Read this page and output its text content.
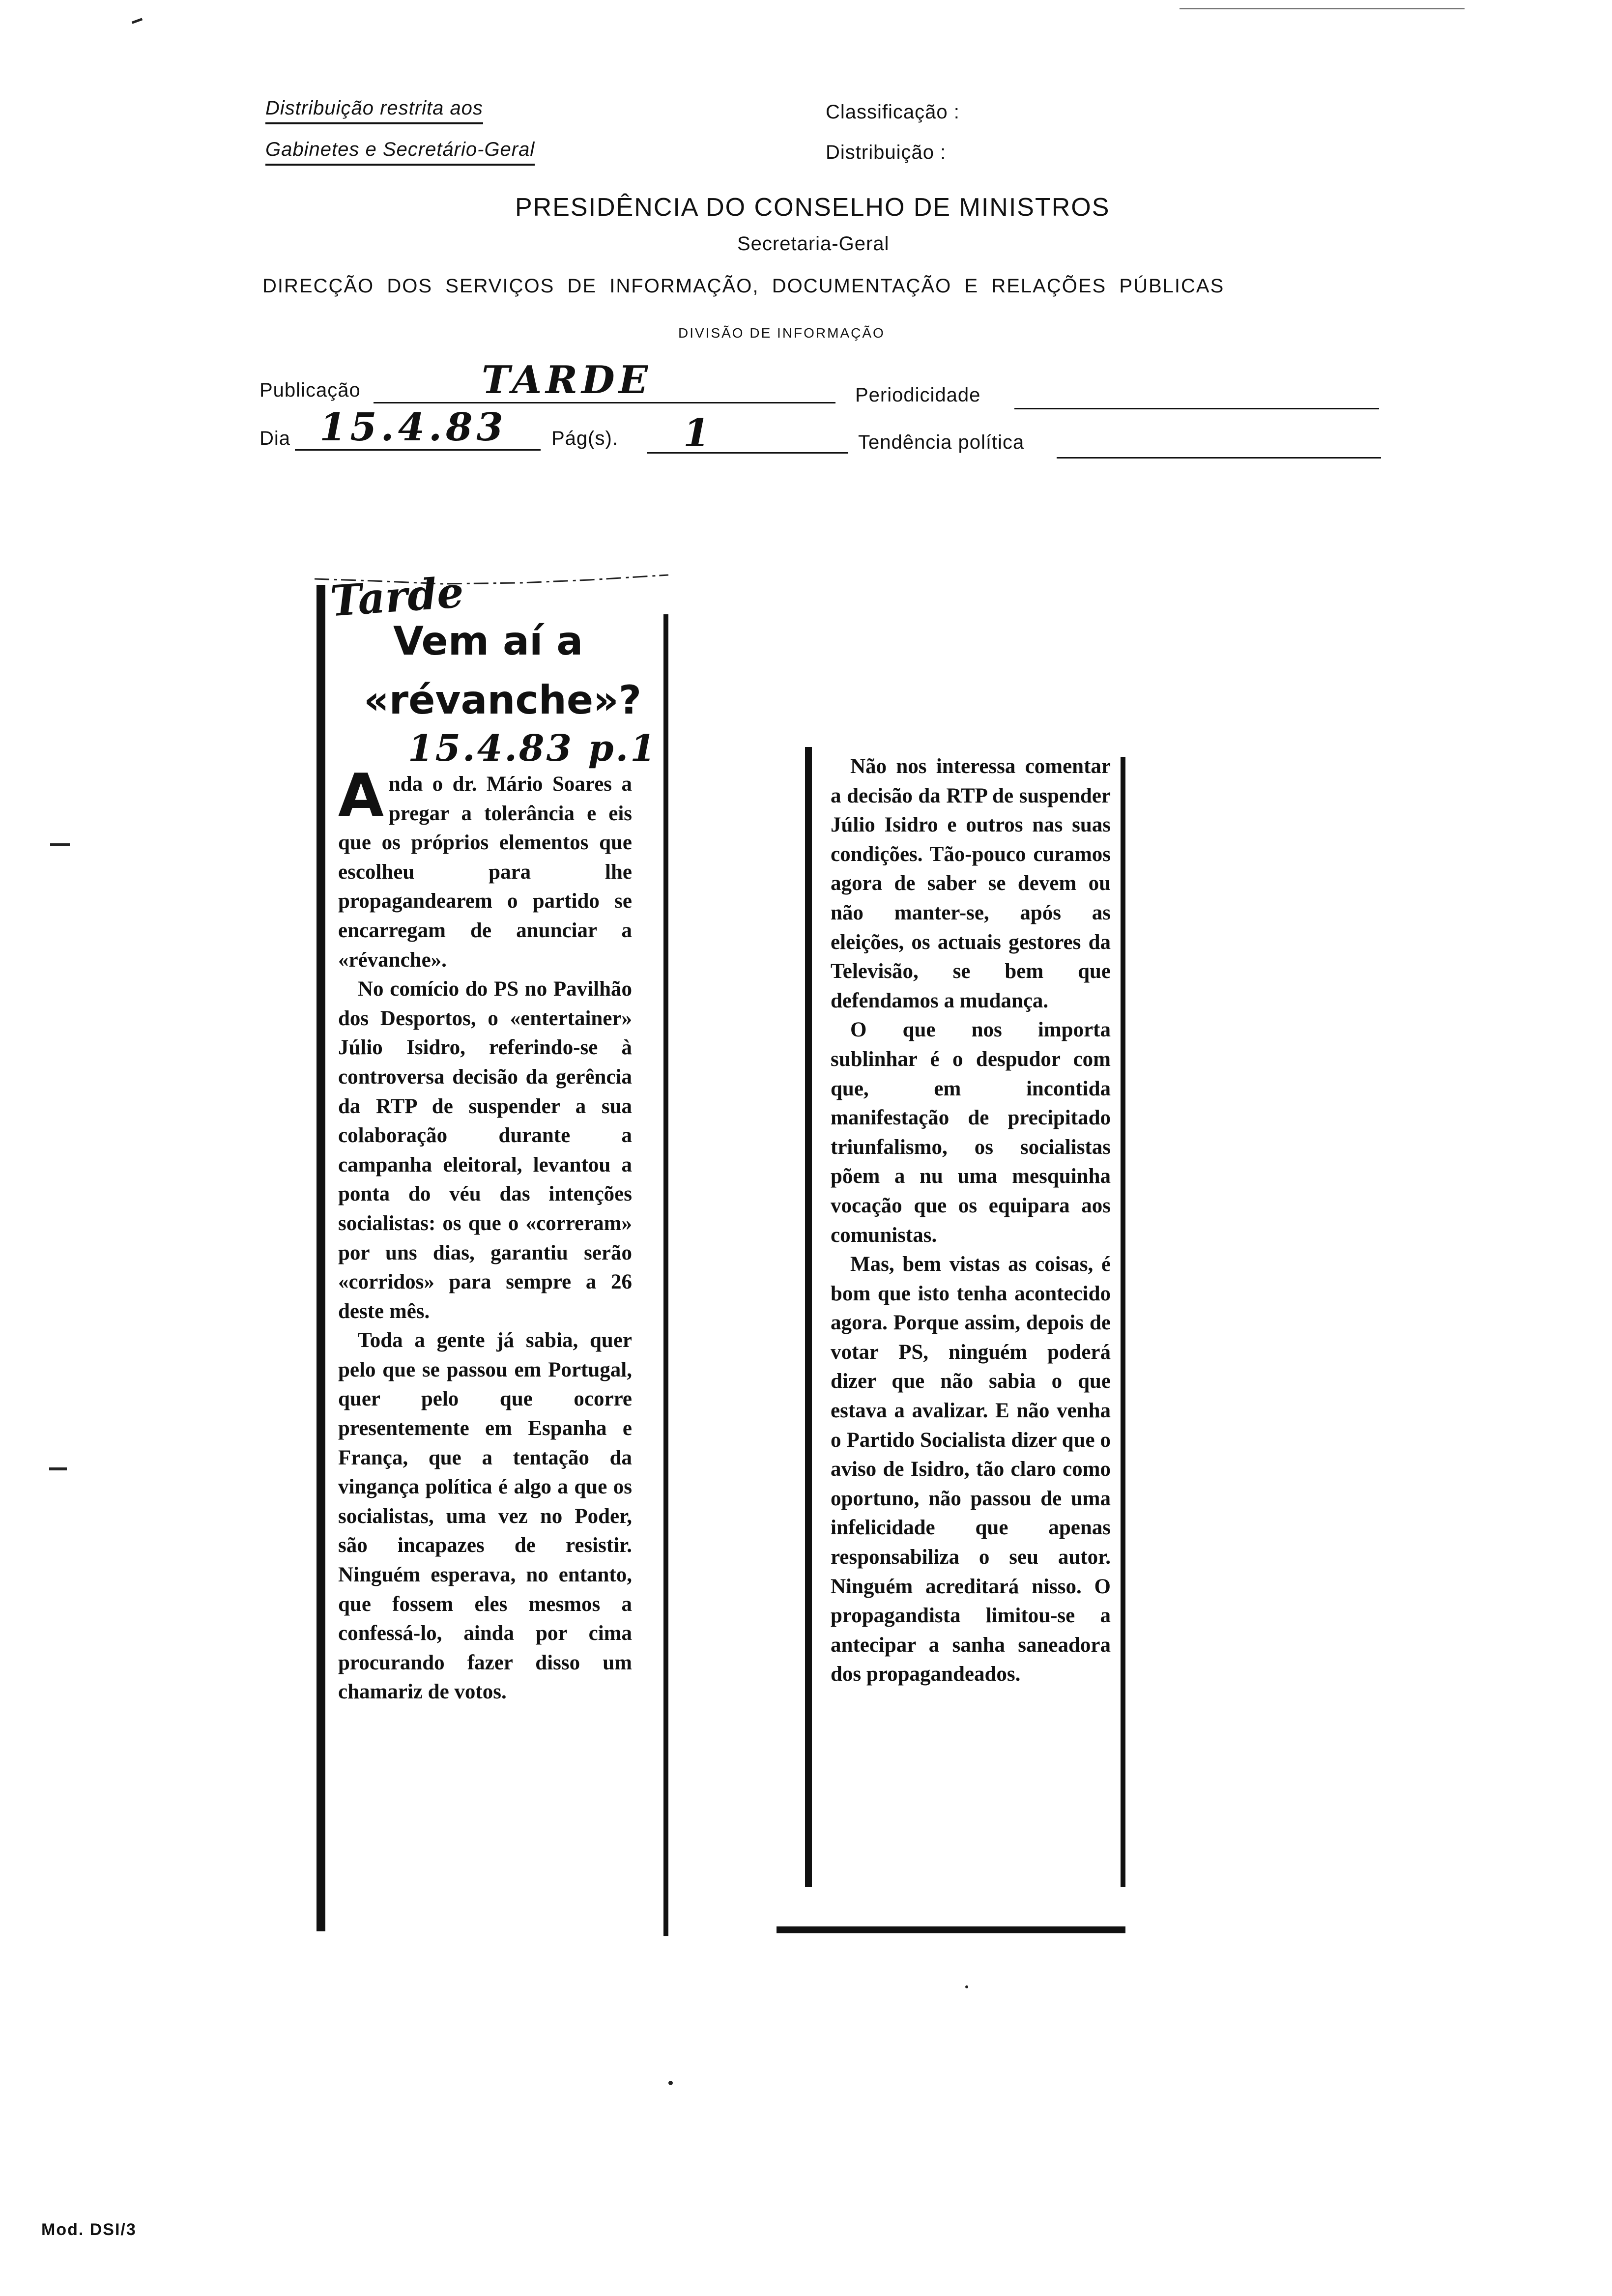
Distribuição restrita aos
Gabinetes e Secretário-Geral
Classificação :
Distribuição :
PRESIDÊNCIA DO CONSELHO DE MINISTROS
Secretaria-Geral
DIRECÇÃO  DOS  SERVIÇOS  DE  INFORMAÇÃO,  DOCUMENTAÇÃO  E  RELAÇÕES  PÚBLICAS
DIVISÃO DE INFORMAÇÃO
Publicação	TARDE	Periodicidade
Dia 15.4.83 Pág(s). 1	Tendência política
Tarde
Vem aí a
«révanche»?
15.4.83 p.1

Anda o dr. Mário Soares a pregar a tolerância e eis que os próprios elementos que escolheu para lhe propagandearem o partido se encarregam de anunciar a «révanche».

No comício do PS no Pavilhão dos Desportos, o «entertainer» Júlio Isidro, referindo-se à controversa decisão da gerência da RTP de suspender a sua colaboração durante a campanha eleitoral, levantou a ponta do véu das intenções socialistas: os que o «correram» por uns dias, garantiu serão «corridos» para sempre a 26 deste mês.

Toda a gente já sabia, quer pelo que se passou em Portugal, quer pelo que ocorre presentemente em Espanha e França, que a tentação da vingança política é algo a que os socialistas, uma vez no Poder, são incapazes de resistir. Ninguém esperava, no entanto, que fossem eles mesmos a confessá-lo, ainda por cima procurando fazer disso um chamariz de votos.

Não nos interessa comentar a decisão da RTP de suspender Júlio Isidro e outros nas suas condições. Tão-pouco curamos agora de saber se devem ou não manter-se, após as eleições, os actuais gestores da Televisão, se bem que defendamos a mudança.

O que nos importa sublinhar é o despudor com que, em incontida manifestação de precipitado triunfalismo, os socialistas põem a nu uma mesquinha vocação que os equipara aos comunistas.

Mas, bem vistas as coisas, é bom que isto tenha acontecido agora. Porque assim, depois de votar PS, ninguém poderá dizer que não sabia o que estava a avalizar. E não venha o Partido Socialista dizer que o aviso de Isidro, tão claro como oportuno, não passou de uma infelicidade que apenas responsabiliza o seu autor. Ninguém acreditará nisso. O propagandista limitou-se a antecipar a sanha saneadora dos propagandeados.

Mod. DSI/3
